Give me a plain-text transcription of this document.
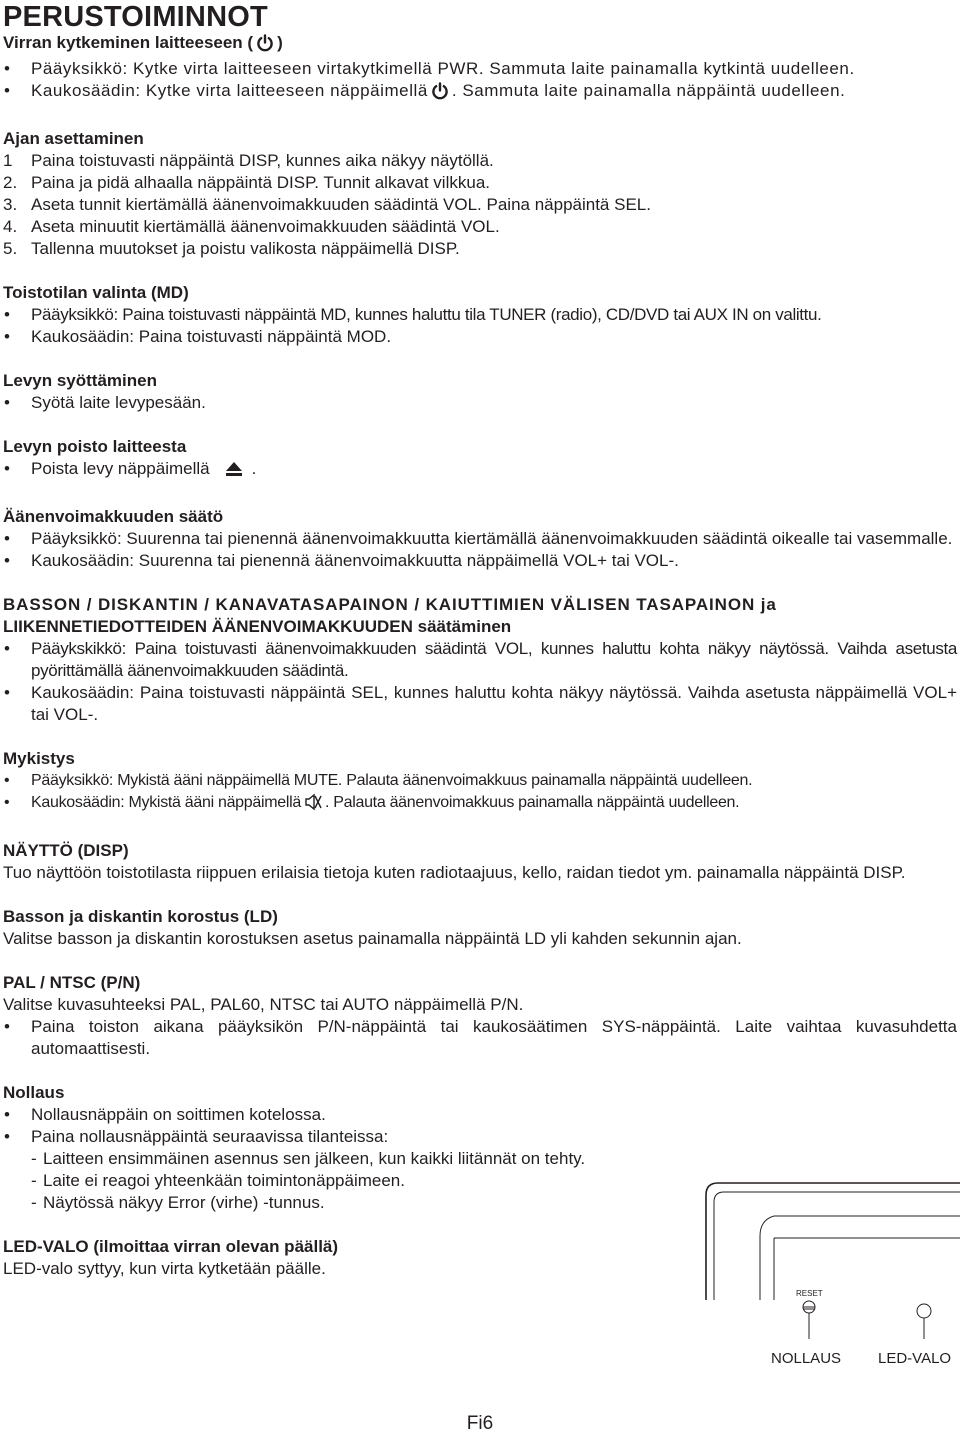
PERUSTOIMINNOT
Virran kytkeminen laitteeseen ( )
• Pääyksikkö: Kytke virta laitteeseen virtakytkimellä PWR. Sammuta laite painamalla kytkintä uudelleen.
• Kaukosäädin: Kytke virta laitteeseen näppäimellä . Sammuta laite painamalla näppäintä uudelleen.
Ajan asettaminen
1 Paina toistuvasti näppäintä DISP, kunnes aika näkyy näytöllä.
2. Paina ja pidä alhaalla näppäintä DISP. Tunnit alkavat vilkkua.
3. Aseta tunnit kiertämällä äänenvoimakkuuden säädintä VOL. Paina näppäintä SEL.
4. Aseta minuutit kiertämällä äänenvoimakkuuden säädintä VOL.
5. Tallenna muutokset ja poistu valikosta näppäimellä DISP.
Toistotilan valinta (MD)
• Pääyksikkö: Paina toistuvasti näppäintä MD, kunnes haluttu tila TUNER (radio), CD/DVD tai AUX IN on valittu.
• Kaukosäädin: Paina toistuvasti näppäintä MOD.
Levyn syöttäminen
• Syötä laite levypesään.
Levyn poisto laitteesta
• Poista levy näppäimellä .
Äänenvoimakkuuden säätö
• Pääyksikkö: Suurenna tai pienennä äänenvoimakkuutta kiertämällä äänenvoimakkuuden säädintä oikealle tai vasemmalle.
• Kaukosäädin: Suurenna tai pienennä äänenvoimakkuutta näppäimellä VOL+ tai VOL-.
BASSON / DISKANTIN / KANAVATASAPAINON / KAIUTTIMIEN VÄLISEN TASAPAINON ja
LIIKENNETIEDOTTEIDEN ÄÄNENVOIMAKKUUDEN säätäminen
• Pääykskikkö: Paina toistuvasti äänenvoimakkuuden säädintä VOL, kunnes haluttu kohta näkyy näytössä. Vaihda asetusta pyörittämällä äänenvoimakkuuden säädintä.
• Kaukosäädin: Paina toistuvasti näppäintä SEL, kunnes haluttu kohta näkyy näytössä. Vaihda asetusta näppäimellä VOL+ tai VOL-.
Mykistys
• Pääyksikkö: Mykistä ääni näppäimellä MUTE. Palauta äänenvoimakkuus painamalla näppäintä uudelleen.
• Kaukosäädin: Mykistä ääni näppäimellä . Palauta äänenvoimakkuus painamalla näppäintä uudelleen.
NÄYTTÖ (DISP)
Tuo näyttöön toistotilasta riippuen erilaisia tietoja kuten radiotaajuus, kello, raidan tiedot ym. painamalla näppäintä DISP.
Basson ja diskantin korostus (LD)
Valitse basson ja diskantin korostuksen asetus painamalla näppäintä LD yli kahden sekunnin ajan.
PAL / NTSC (P/N)
Valitse kuvasuhteeksi PAL, PAL60, NTSC tai AUTO näppäimellä P/N.
• Paina toiston aikana pääyksikön P/N-näppäintä tai kaukosäätimen SYS-näppäintä. Laite vaihtaa kuvasuhdetta automaattisesti.
Nollaus
• Nollausnäppäin on soittimen kotelossa.
• Paina nollausnäppäintä seuraavissa tilanteissa:
- Laitteen ensimmäinen asennus sen jälkeen, kun kaikki liitännät on tehty.
- Laite ei reagoi yhteenkään toimintonäppäimeen.
- Näytössä näkyy Error (virhe) -tunnus.
LED-VALO (ilmoittaa virran olevan päällä)
LED-valo syttyy, kun virta kytketään päälle.
RESET
NOLLAUS LED-VALO
Fi6
